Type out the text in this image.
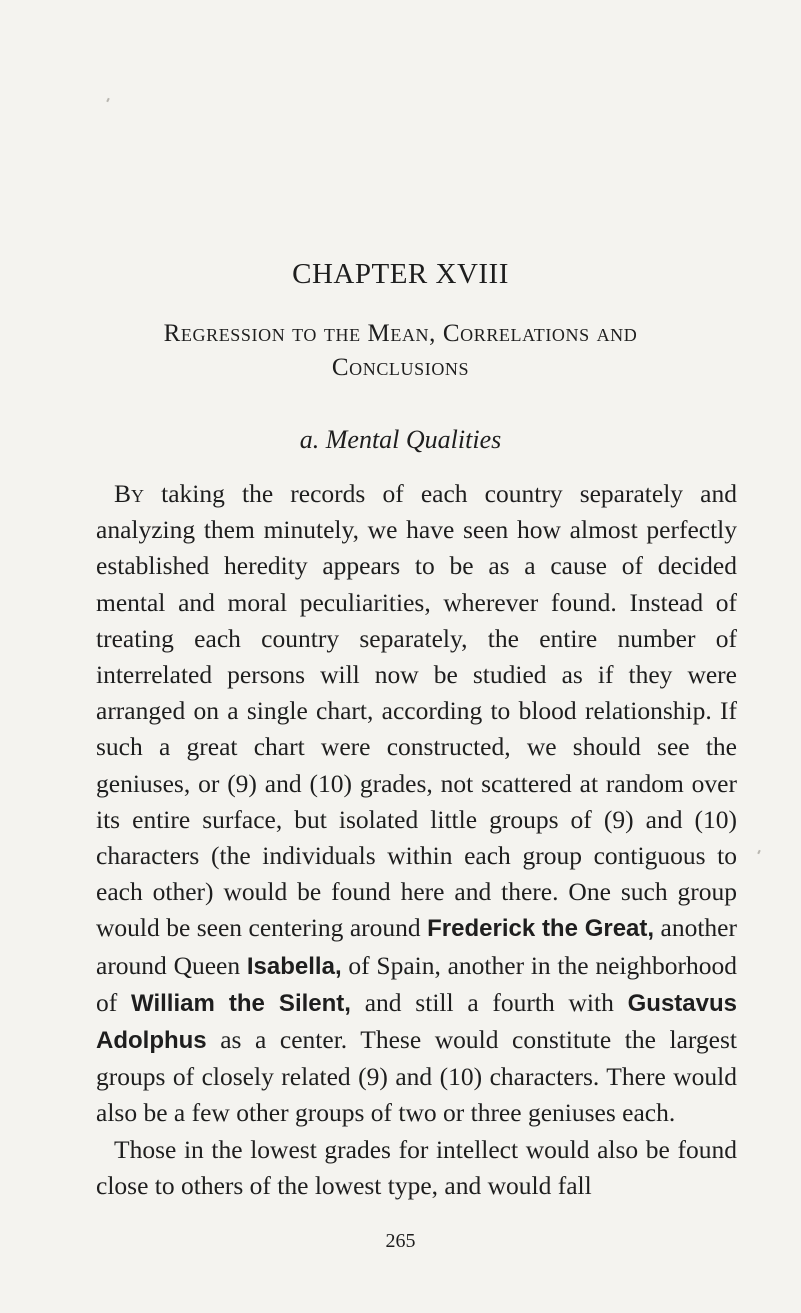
CHAPTER XVIII
Regression to the Mean, Correlations and
Conclusions
a. Mental Qualities

By taking the records of each country separately and analyzing them minutely, we have seen how almost perfectly established heredity appears to be as a cause of decided mental and moral peculiarities, wherever found. Instead of treating each country separately, the entire number of interrelated persons will now be studied as if they were arranged on a single chart, according to blood relationship. If such a great chart were constructed, we should see the geniuses, or (9) and (10) grades, not scattered at random over its entire surface, but isolated little groups of (9) and (10) characters (the individuals within each group contiguous to each other) would be found here and there. One such group would be seen centering around Frederick the Great, another around Queen Isabella, of Spain, another in the neighborhood of William the Silent, and still a fourth with Gustavus Adolphus as a center. These would constitute the largest groups of closely related (9) and (10) characters. There would also be a few other groups of two or three geniuses each.

Those in the lowest grades for intellect would also be found close to others of the lowest type, and would fall

265
